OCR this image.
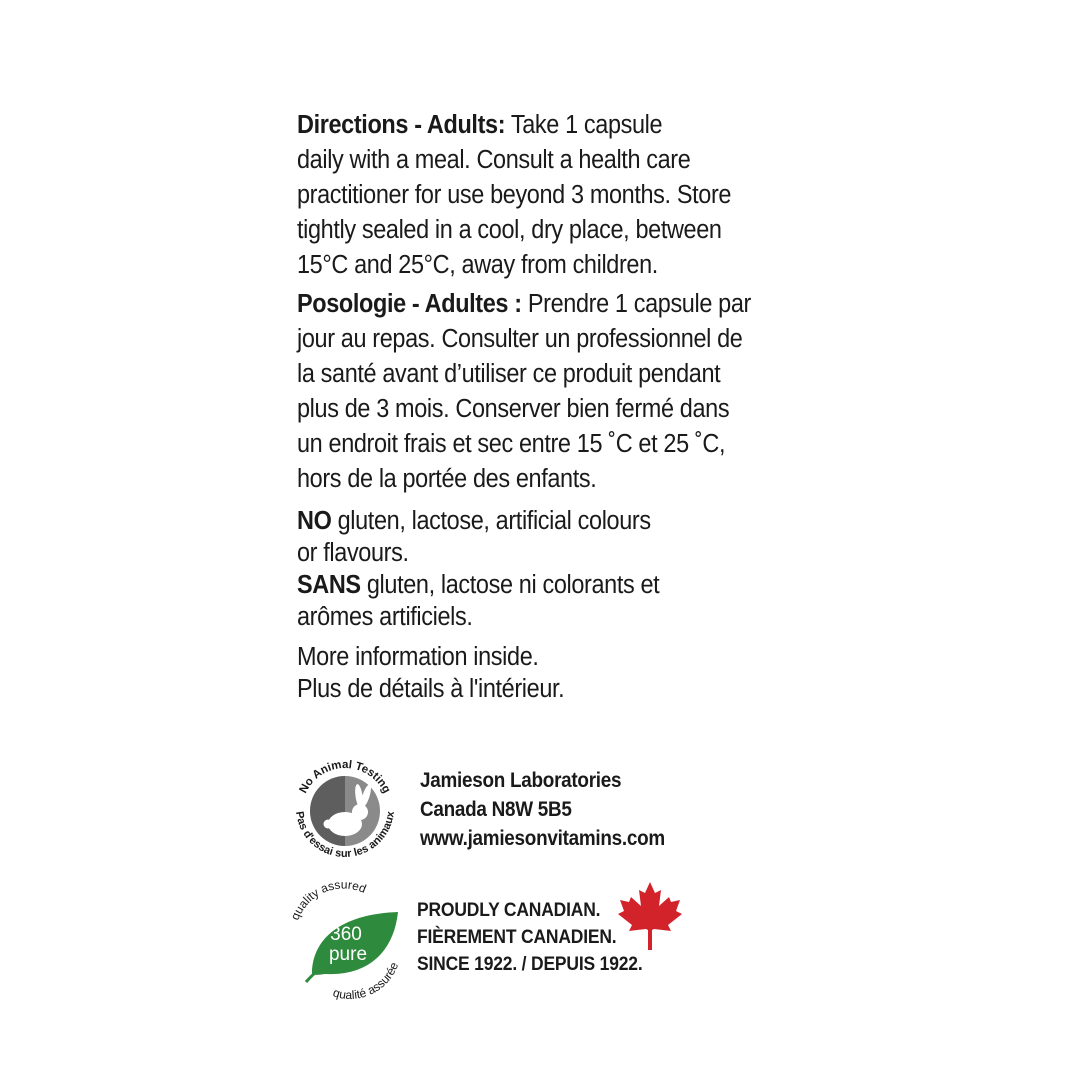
Directions - Adults: Take 1 capsule
daily with a meal. Consult a health care
practitioner for use beyond 3 months. Store
tightly sealed in a cool, dry place, between
15°C and 25°C, away from children.

Posologie - Adultes : Prendre 1 capsule par
jour au repas. Consulter un professionnel de
la santé avant d’utiliser ce produit pendant
plus de 3 mois. Conserver bien fermé dans
un endroit frais et sec entre 15 ˚C et 25 ˚C,
hors de la portée des enfants.

NO gluten, lactose, artificial colours
or flavours.

SANS gluten, lactose ni colorants et
arômes artificiels.

More information inside.
Plus de détails à l'intérieur.

No Animal Testing
Pas d'essai sur les animaux
Jamieson Laboratories
Canada N8W 5B5
www.jamiesonvitamins.com
360
pure
quality assured
qualité assurée
PROUDLY CANADIAN.
FIÈREMENT CANADIEN.
SINCE 1922. / DEPUIS 1922.
